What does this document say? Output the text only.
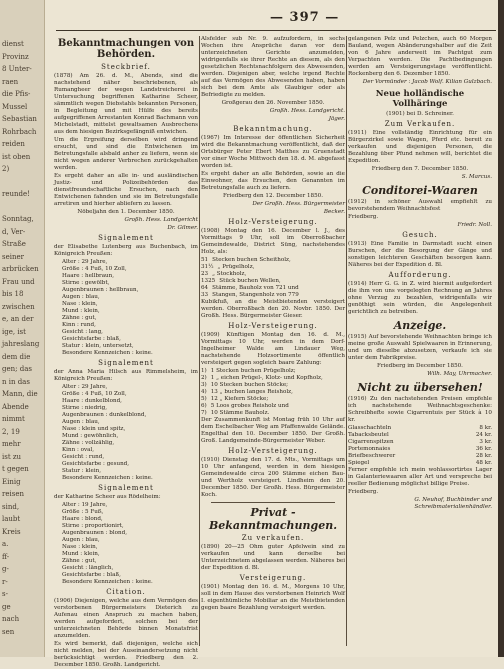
dienst
Provinz
8 Unter-
raen
die Pfis-
Mussel
Sebastian
Rohrbach
reiden
ist oben
2)
reunde!
Sonntag,
d, Ver-
Straße
seiner
arbrücken
Frau und
bis 18
zwischen
e, an der
ige, ist
jahreslang
dem die
gen; das
n in das
Mann, die
Abende
nimmt
2, 19
mehr
ist zu
t gegen
Einig
reisen
sind,
laubt
Kreis
a.
ff-
g-
r-
s-
ge
nach
sen
— 397 —
Bekanntmachungen von Behörden.
Steckbrief.

(1878) Am 26. d. M., Abends, sind die nachstehend näher beschriebenen, als Rumangheer der wegen Landstreicherei in Untersuchung begriffenen Katharine Scheer, sämmtlich wegen Diebstahls bekannten Personen, in Begleitung und mit Hülfe des bereits aufgegriffenen Arrestanten Konrad Bachmann von Michelstadt, mittelst gewaltsamen Ausbrechens aus dem hiesigen Bezirksgefängniß entwichen.

Um die Ergreifung derselben wird dringend ersucht, und sind die Entwichenen im Betretungsfalle alsbald anher zu liefern, wenn sie nicht wegen anderer Verbrechen zurückgehalten werden.

Es ergeht daher an alle in- und ausländischen Justiz- und Polizeibehörden das dienstfreundschaftliche Ersuchen, nach den Entwichenen fahnden und sie im Betretungsfalle arretiren und hierher abliefern zu lassen.

Nöbeljahn den 1. December 1850.

Großh. Hess. Landgericht

Dr. Gilmer.

Signalement

der Elisabethe Lutenberg aus Buchenbach, im Königreich Preußen:

Alter : 29 Jahre,
Größe : 4 Fuß, 10 Zoll,
Haare : hellbraun,
Stirne : gewölbt,
Augenbraunen : hellbraun,
Augen : blau,
Nase : klein,
Mund : klein,
Zähne : gut,
Kinn : rund,
Gesicht : lang,
Gesichtsfarbe : blaß,
Statur : klein, untersetzt,
Besondere Kennzeichen : keine.
Signalement

der Anna Maria Hilsch aus Rimmelsheim, im Königreich Preußen:

Alter : 29 Jahre,
Größe : 4 Fuß, 10 Zoll,
Haare : dunkelblond,
Stirne : niedrig,
Augenbraunen : dunkelblond,
Augen : blau,
Nase : klein und spitz,
Mund : gewöhnlich,
Zähne : vollzählig,
Kinn : oval,
Gesicht : rund,
Gesichtsfarbe : gesund,
Statur : klein,
Besondere Kennzeichen : keine.
Signalement

der Katharine Scheer aus Rödelheim:

Alter : 19 Jahre,
Größe : 5 Fuß,
Haare : blond,
Stirne : proportionirt,
Augenbraunen : blond,
Augen : blau,
Nase : klein,
Mund : klein,
Zähne : gut,
Gesicht : länglich,
Gesichtsfarbe : blaß,
Besondere Kennzeichen : keine.
Citation.

(1906) Diejenigen, welche aus dem Vermögen des verstorbenen Bürgermeisters Dieterich zu Aufenau einen Anspruch zu machen haben, werden aufgefordert, solchen bei der unterzeichneten Behörde binnen Monatsfrist anzumelden.

Es wird bemerkt, daß diejenigen, welche sich nicht melden, bei der Auseinandersetzung nicht berücksichtigt werden. Friedberg den 2. December 1850. Großh. Landgericht.

Alsfelder sub Nr. 9. aufzufordern, in sechs Wochen ihre Ansprüche daran vor dem unterzeichneten Gerichte anzumelden, widrigenfalls sie ihrer Rechte an diesem, als den gesetzlichen Rechtsnachfolgern des Abwesenden, werden. Diejenigen aber, welche irgend Rechte auf das Vermögen des Abwesenden haben, haben sich bei dem Amte als Glaubiger oder als Befriedigte zu melden.

Großgerau den 26. November 1850.

Großh. Hess. Landgericht.

Jäger.

Bekanntmachung.

(1967) Im Interesse der öffentlichen Sicherheit wird die Bekanntmachung veröffentlicht, daß der Ortsbürger Peter Ebert Matthes zu Gruenstadt vor einer Woche Mittwoch den 18. d. M. abgefasst worden ist.

Es ergeht daher an alle Behörden, sowie an die Einwohner, das Ersuchen, den Genannten im Betretungsfalle auch zu liefern.

Friedberg den 12. December 1850.

Der Großh. Hess. Bürgermeister

Becker.

Holz-Versteigerung.

(1908) Montag den 16. December l. J., des Vormittags 9 Uhr, soll im Oberroßbacher Gemeindewalde, District Süng, nachstehendes Holz, als:

51 Stecken buchen Scheitholz,
31½ „ Prügelholz,
23 „ Stockholz,
1325 Stück buchen Wellen,
64 Stämme, Bauholz von 721 und
33 Stangen, Stangenholz von 779

Kubikfuß, an die Meistbietenden versteigert werden. Oberroßbach den 20. Novbr. 1850. Der Großh. Hess. Bürgermeister Gieser.

Holz-Versteigerung.

(1909) Künftigen Montag den 16. d. M., Vormittags 10 Uhr, werden in dem Dorf-Ingelheimer Walde am Lindauer Weg, nachstehende Holzsortimente öffentlich versteigert gegen sogleich baare Zahlung:

1) 1 Stecken buchen Prügelholz;
2) 1 „ eichen Prügel-, Klotz- und Kopfholz,
3) 10 Stecken buchen Stöcke;
4) 13 „ buchen langes Reisholz,
5) 12 „ Kiefern Stöcke;
6) 5 Loos grobes Reisholz und
7) 10 Stämme Bauholz.

Der Zusammenkunft ist Montag früh 10 Uhr auf dem Eschelbacher Weg am Pfaffenwalde Gelände. Engelthal den 10. December 1850. Der Großh. Groß. Landgemeinde-Bürgermeister Weber.

Holz-Versteigerung.

(1910) Dienstag den 17. d. Mts., Vormittags um 10 Uhr anfangend, werden in dem hiesigen Gemeindewalde circa 200 Stämme eichen Bau- und Wertholz versteigert. Lindheim den 20. December 1850. Der Großh. Hess. Bürgermeister Koch.

Privat - Bekanntmachungen.
Zu verkaufen.

(1890) 20—25 Ohm guter Apfelwein sind zu verkaufen und kann derselbe bei Unterzeichnetem abgelassen werden. Näheres bei der Expedition d. Bl.

Versteigerung.

(1901) Montag den 16. d. M., Morgens 10 Uhr, soll in dem Hause des verstorbenen Heinrich Wolf I. eigenthümliche Mobiliar an die Meistbietenden gegen baare Bezahlung versteigert werden.

gelangenen Pelz und Pelzchen, auch 60 Morgen Bauland, wegen Abänderungshalber auf die Zeit von 6 Jahre anderweit im Pachtgut zum Verpachten werden. Die Pachtbedingungen werden am Versteigerungstage veröffentlicht. Rockenberg den 6. Dezember 1850.

Der Vormünder : Jacob Wolf. Kilian Gulzbach.

Neue holländische Vollhäringe

(1901) bei D. Schreiner.

Zum Verkaufen.

(1911) Eine vollständig Einrichtung für ein Bürgerzirkel sowie Wagen, Pferd etc. bereit zu verkaufen und diejenigen Personen, die Bezahlung über Pfund nehmen will, berichtet die Expedition.

Friedberg den 7. December 1850.

S. Marcus.

Conditorei-Waaren

(1912) in schöner Auswahl empfiehlt zu bevorstehendem Weihnachtsfest

Friedberg.

Friedr. Noll.

Gesuch.

(1913) Eine Familie in Darmstadt sucht einen Burschen, der die Besorgung der Gänge und sonstigen leichteren Geschäften besorgen kann. Näheres bei der Expedition d. Bl.

Aufforderung.

(1914) Herr G. G. in Z. wird hiermit aufgefordert die ihm von uns vorgelegten Rechnung an Jahres ohne Verzug zu bezahlen, widrigenfalls wir genöthigt sein würden, die Angelegenheit gerichtlich zu betreiben.

Anzeige.

(1915) Auf bevorstehende Weihnachten bringe ich meine große Auswahl Spielwaaren in Erinnerung, und um dieselbe abzusetzen, verkaufe ich sie unter dem Fabrikpreise.

Friedberg im December 1850.

Wilh. May, Uhrmacher.

Nicht zu übersehen!

(1916) Zu den nachstehenden Preisen empfehle ich nachstehende Weihnachtsgeschenke: Schreibhefte sowie Cigarrentuis per Stück à 10 kr.

Glasschachteln	8 kr.
Tabacksbeutel	24 kr.
Cigarrenspitzen	3 kr.
Portemonnaies	36 kr.
Briefbeschwerer	28 kr.
Spiegel	48 kr.

Ferner empfehle ich mein wohlassortirtes Lager in Galanteriewaaren aller Art und verspreche bei reeller Bedienung möglichst billige Preise.

Friedberg.

G. Neuhof, Buchbinder und Schreibmaterialienhändler.
